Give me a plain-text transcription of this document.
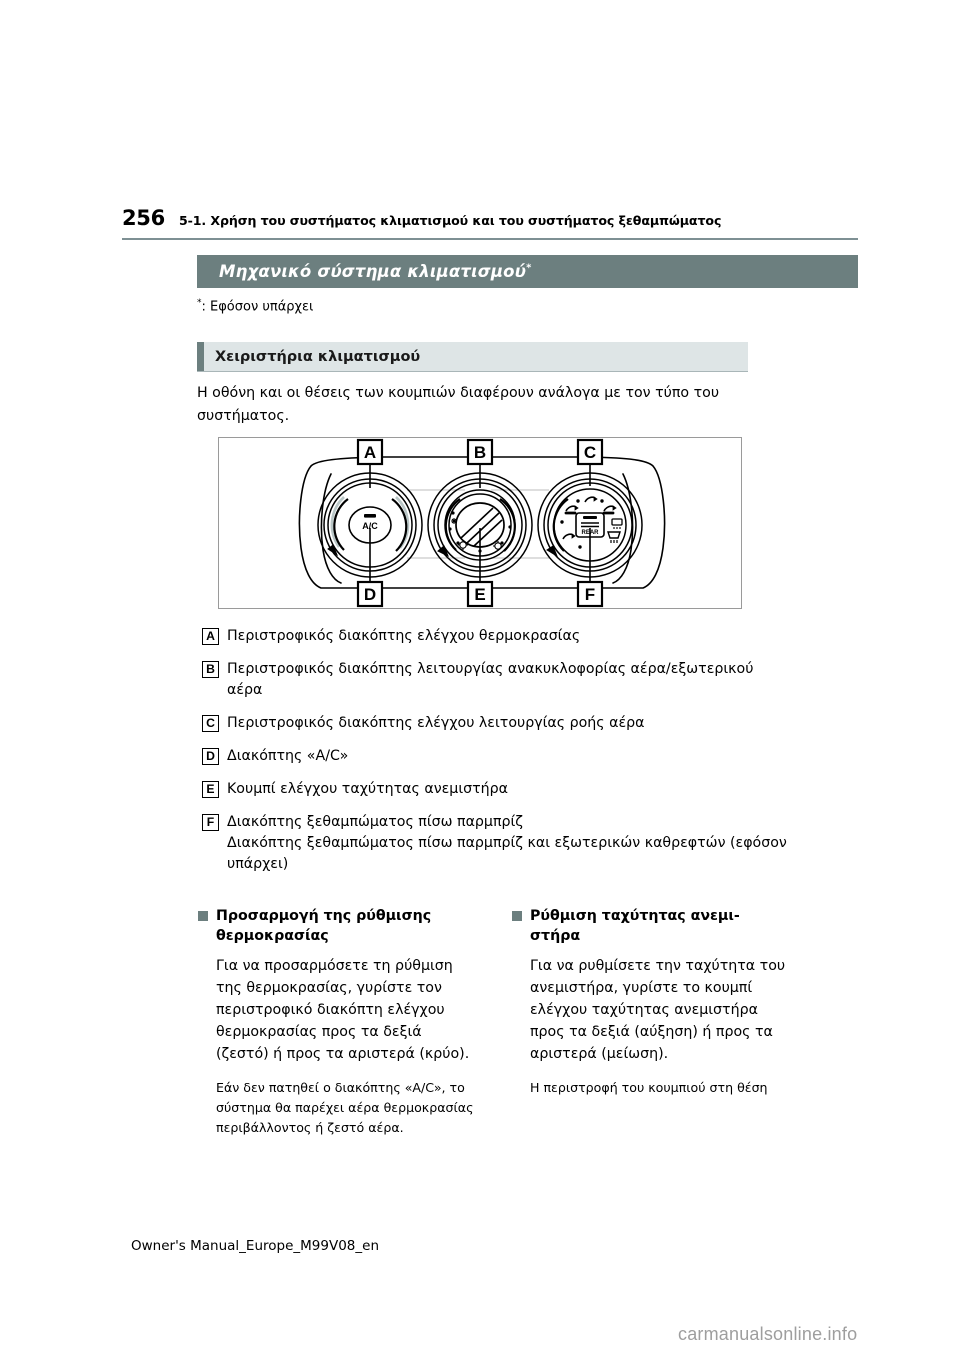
256 5-1. Χρήση του συστήματος κλιματισμού και του συστήματος ξεθαμπώματος
Μηχανικό σύστημα κλιματισμού*
*: Εφόσον υπάρχει
Χειριστήρια κλιματισμού
Η οθόνη και οι θέσεις των κουμπιών διαφέρουν ανάλογα με τον τύπο του συστήματος.
A/C
REAR
A	B	C
D	E	F
A Περιστροφικός διακόπτης ελέγχου θερμοκρασίας
B Περιστροφικός διακόπτης λειτουργίας ανακυκλοφορίας αέρα/εξωτερικού αέρα
C Περιστροφικός διακόπτης ελέγχου λειτουργίας ροής αέρα
D Διακόπτης «A/C»
E Κουμπί ελέγχου ταχύτητας ανεμιστήρα
F Διακόπτης ξεθαμπώματος πίσω παρμπρίζ
Διακόπτης ξεθαμπώματος πίσω παρμπρίζ και εξωτερικών καθρεφτών (εφόσον υπάρχει)
Προσαρμογή της ρύθμισης θερμοκρασίας

Για να προσαρμόσετε τη ρύθμιση της θερμοκρασίας, γυρίστε τον περιστροφικό διακόπτη ελέγχου θερμοκρασίας προς τα δεξιά (ζεστό) ή προς τα αριστερά (κρύο).

Εάν δεν πατηθεί ο διακόπτης «A/C», το σύστημα θα παρέχει αέρα θερμοκρασίας περιβάλλοντος ή ζεστό αέρα.

Ρύθμιση ταχύτητας ανεμι-στήρα

Για να ρυθμίσετε την ταχύτητα του ανεμιστήρα, γυρίστε το κουμπί ελέγχου ταχύτητας ανεμιστήρα προς τα δεξιά (αύξηση) ή προς τα αριστερά (μείωση).

Η περιστροφή του κουμπιού στη θέση

Owner's Manual_Europe_M99V08_en
carmanualsonline.info
